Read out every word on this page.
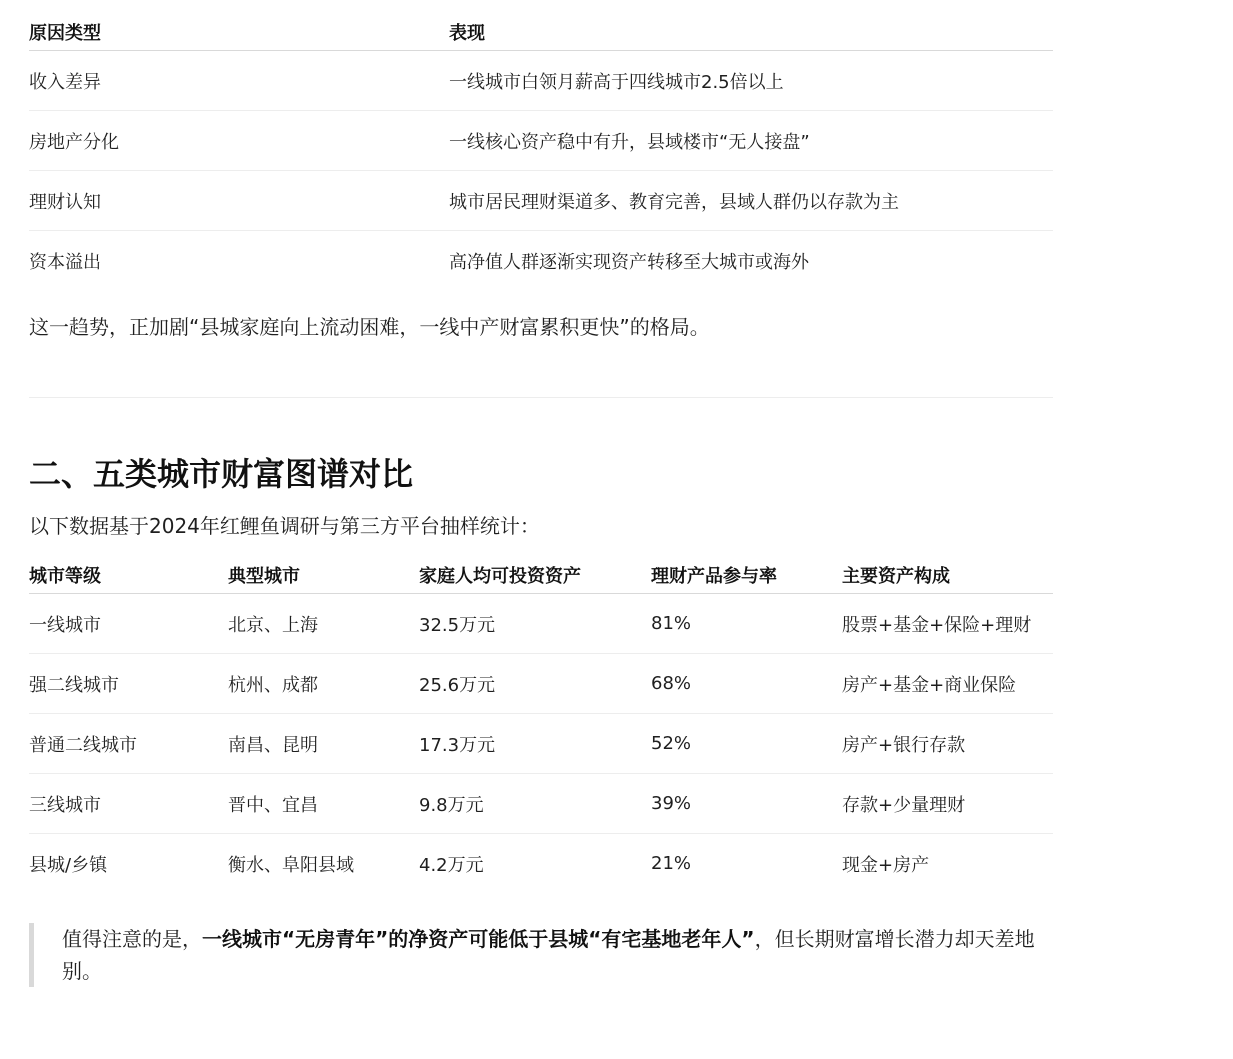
原因类型	表现
收入差异	一线城市白领月薪高于四线城市2.5倍以上
房地产分化	一线核心资产稳中有升，县域楼市“无人接盘”
理财认知	城市居民理财渠道多、教育完善，县域人群仍以存款为主
资本溢出	高净值人群逐渐实现资产转移至大城市或海外

这一趋势，正加剧“县城家庭向上流动困难，一线中产财富累积更快”的格局。

二、五类城市财富图谱对比

以下数据基于2024年红鲤鱼调研与第三方平台抽样统计：

城市等级	典型城市	家庭人均可投资资产	理财产品参与率	主要资产构成
一线城市	北京、上海	32.5万元	81%	股票+基金+保险+理财
强二线城市	杭州、成都	25.6万元	68%	房产+基金+商业保险
普通二线城市	南昌、昆明	17.3万元	52%	房产+银行存款
三线城市	晋中、宜昌	9.8万元	39%	存款+少量理财
县城/乡镇	衡水、阜阳县域	4.2万元	21%	现金+房产
值得注意的是，一线城市“无房青年”的净资产可能低于县城“有宅基地老年人”，但长期财富增长潜力却天差地别。
